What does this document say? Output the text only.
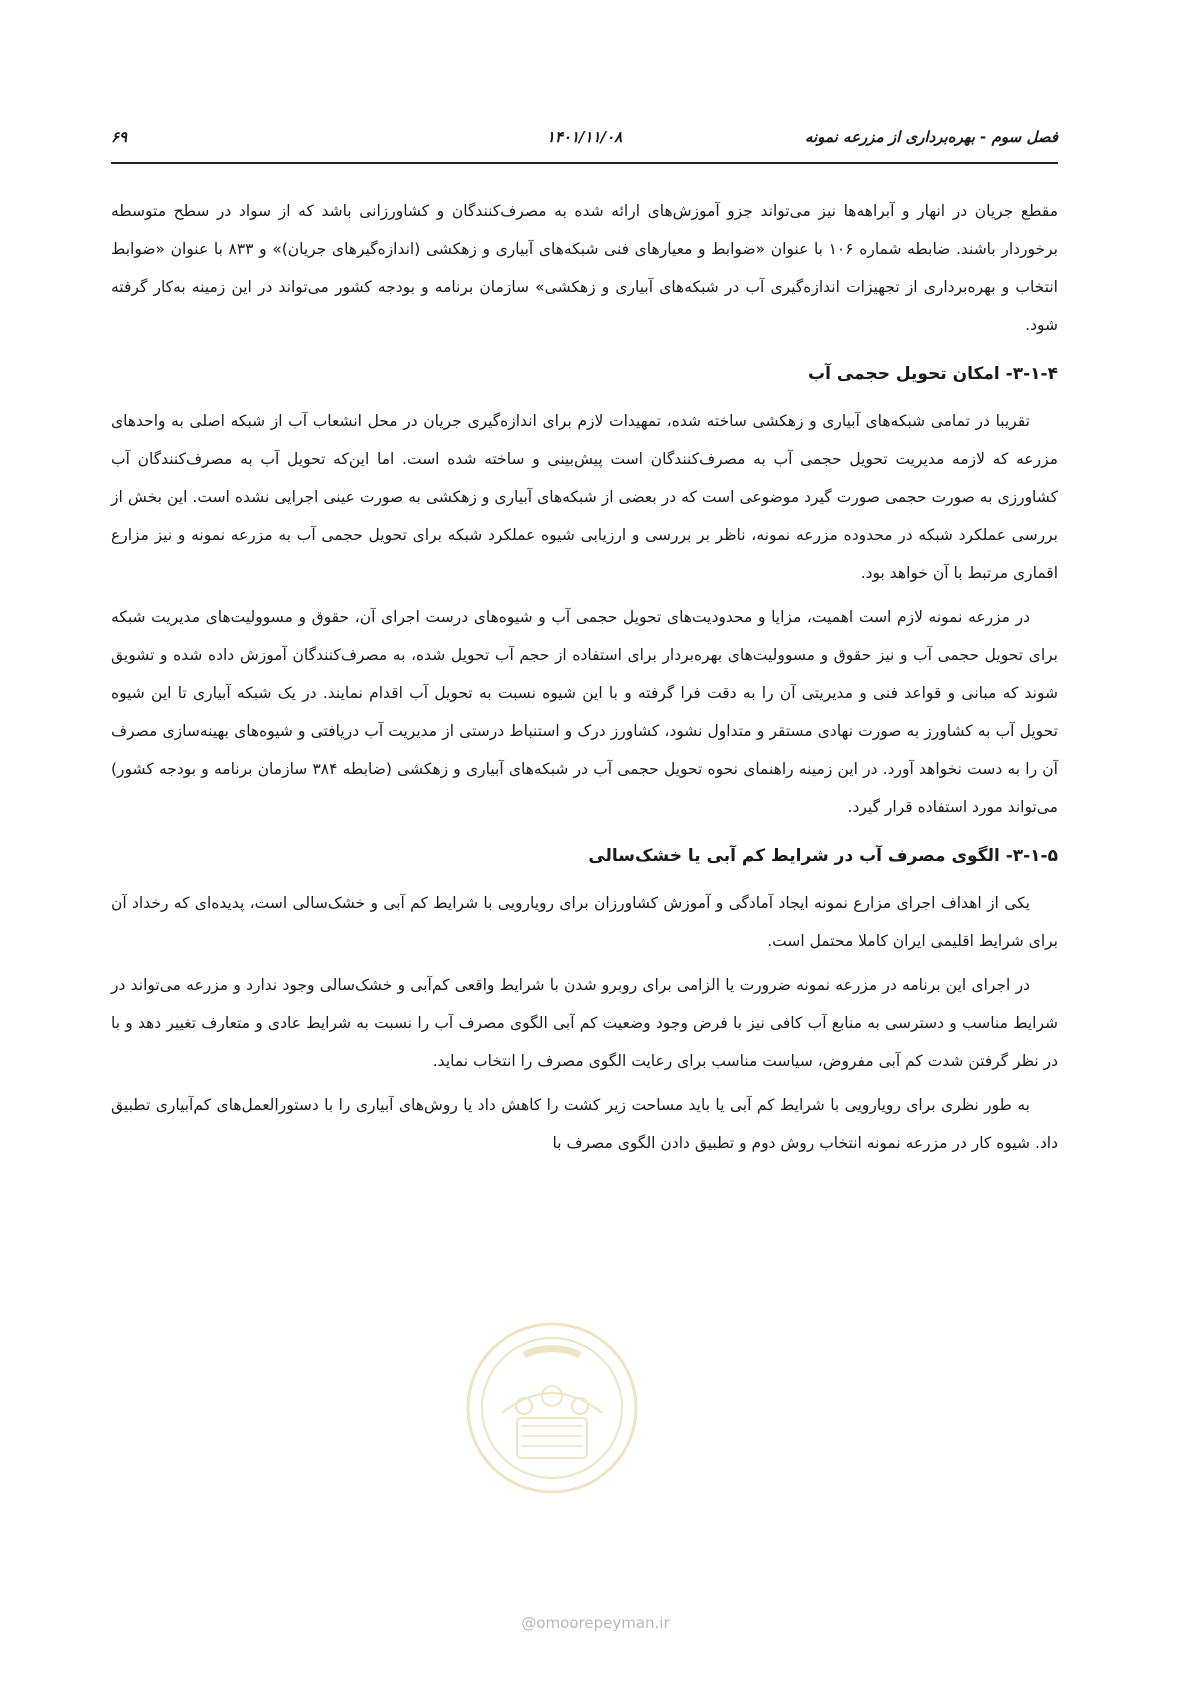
فصل سوم - بهره‌برداری از مزرعه نمونه
۱۴۰۱/۱۱/۰۸
۶۹

مقطع جریان در انهار و آبراهه‌ها نیز می‌تواند جزو آموزش‌های ارائه شده به مصرف‌کنندگان و کشاورزانی باشد که از سواد در سطح متوسطه برخوردار باشند. ضابطه شماره ۱۰۶ با عنوان «ضوابط و معیارهای فنی شبکه‌های آبیاری و زهکشی (اندازه‌گیرهای جریان)» و ۸۳۳ با عنوان «ضوابط انتخاب و بهره‌برداری از تجهیزات اندازه‌گیری آب در شبکه‌های آبیاری و زهکشی» سازمان برنامه و بودجه کشور می‌تواند در این زمینه به‌کار گرفته شود.

۳-۱-۴- امکان تحویل حجمی آب

تقریبا در تمامی شبکه‌های آبیاری و زهکشی ساخته شده، تمهیدات لازم برای اندازه‌گیری جریان در محل انشعاب آب از شبکه اصلی به واحدهای مزرعه که لازمه مدیریت تحویل حجمی آب به مصرف‌کنندگان است پیش‌بینی و ساخته شده است. اما این‌که تحویل آب به مصرف‌کنندگان آب کشاورزی به صورت حجمی صورت گیرد موضوعی است که در بعضی از شبکه‌های آبیاری و زهکشی به صورت عینی اجرایی نشده است. این بخش از بررسی عملکرد شبکه در محدوده مزرعه نمونه، ناظر بر بررسی و ارزیابی شیوه عملکرد شبکه برای تحویل حجمی آب به مزرعه نمونه و نیز مزارع اقماری مرتبط با آن خواهد بود.

در مزرعه نمونه لازم است اهمیت، مزایا و محدودیت‌های تحویل حجمی آب و شیوه‌های درست اجرای آن، حقوق و مسوولیت‌های مدیریت شبکه برای تحویل حجمی آب و نیز حقوق و مسوولیت‌های بهره‌بردار برای استفاده از حجم آب تحویل شده، به مصرف‌کنندگان آموزش داده شده و تشویق شوند که مبانی و قواعد فنی و مدیریتی آن را به دقت فرا گرفته و با این شیوه نسبت به تحویل آب اقدام نمایند. در یک شبکه آبیاری تا این شیوه تحویل آب به کشاورز به صورت نهادی مستقر و متداول نشود، کشاورز درک و استنباط درستی از مدیریت آب دریافتی و شیوه‌های بهینه‌سازی مصرف آن را به دست نخواهد آورد. در این زمینه راهنمای نحوه تحویل حجمی آب در شبکه‌های آبیاری و زهکشی (ضابطه ۳۸۴ سازمان برنامه و بودجه کشور) می‌تواند مورد استفاده قرار گیرد.

۳-۱-۵- الگوی مصرف آب در شرایط کم آبی یا خشک‌سالی

یکی از اهداف اجرای مزارع نمونه ایجاد آمادگی و آموزش کشاورزان برای رویارویی با شرایط کم آبی و خشک‌سالی است، پدیده‌ای که رخداد آن برای شرایط اقلیمی ایران کاملا محتمل است.

در اجرای این برنامه در مزرعه نمونه ضرورت یا الزامی برای روبرو شدن با شرایط واقعی کم‌آبی و خشک‌سالی وجود ندارد و مزرعه می‌تواند در شرایط مناسب و دسترسی به منابع آب کافی نیز با فرض وجود وضعیت کم آبی الگوی مصرف آب را نسبت به شرایط عادی و متعارف تغییر دهد و با در نظر گرفتن شدت کم آبی مفروض، سیاست مناسب برای رعایت الگوی مصرف را انتخاب نماید.

به طور نظری برای رویارویی با شرایط کم آبی یا باید مساحت زیر کشت را کاهش داد یا روش‌های آبیاری را با دستورالعمل‌های کم‌آبیاری تطبیق داد. شیوه کار در مزرعه نمونه انتخاب روش دوم و تطبیق دادن الگوی مصرف با

@omoorepeyman.ir
